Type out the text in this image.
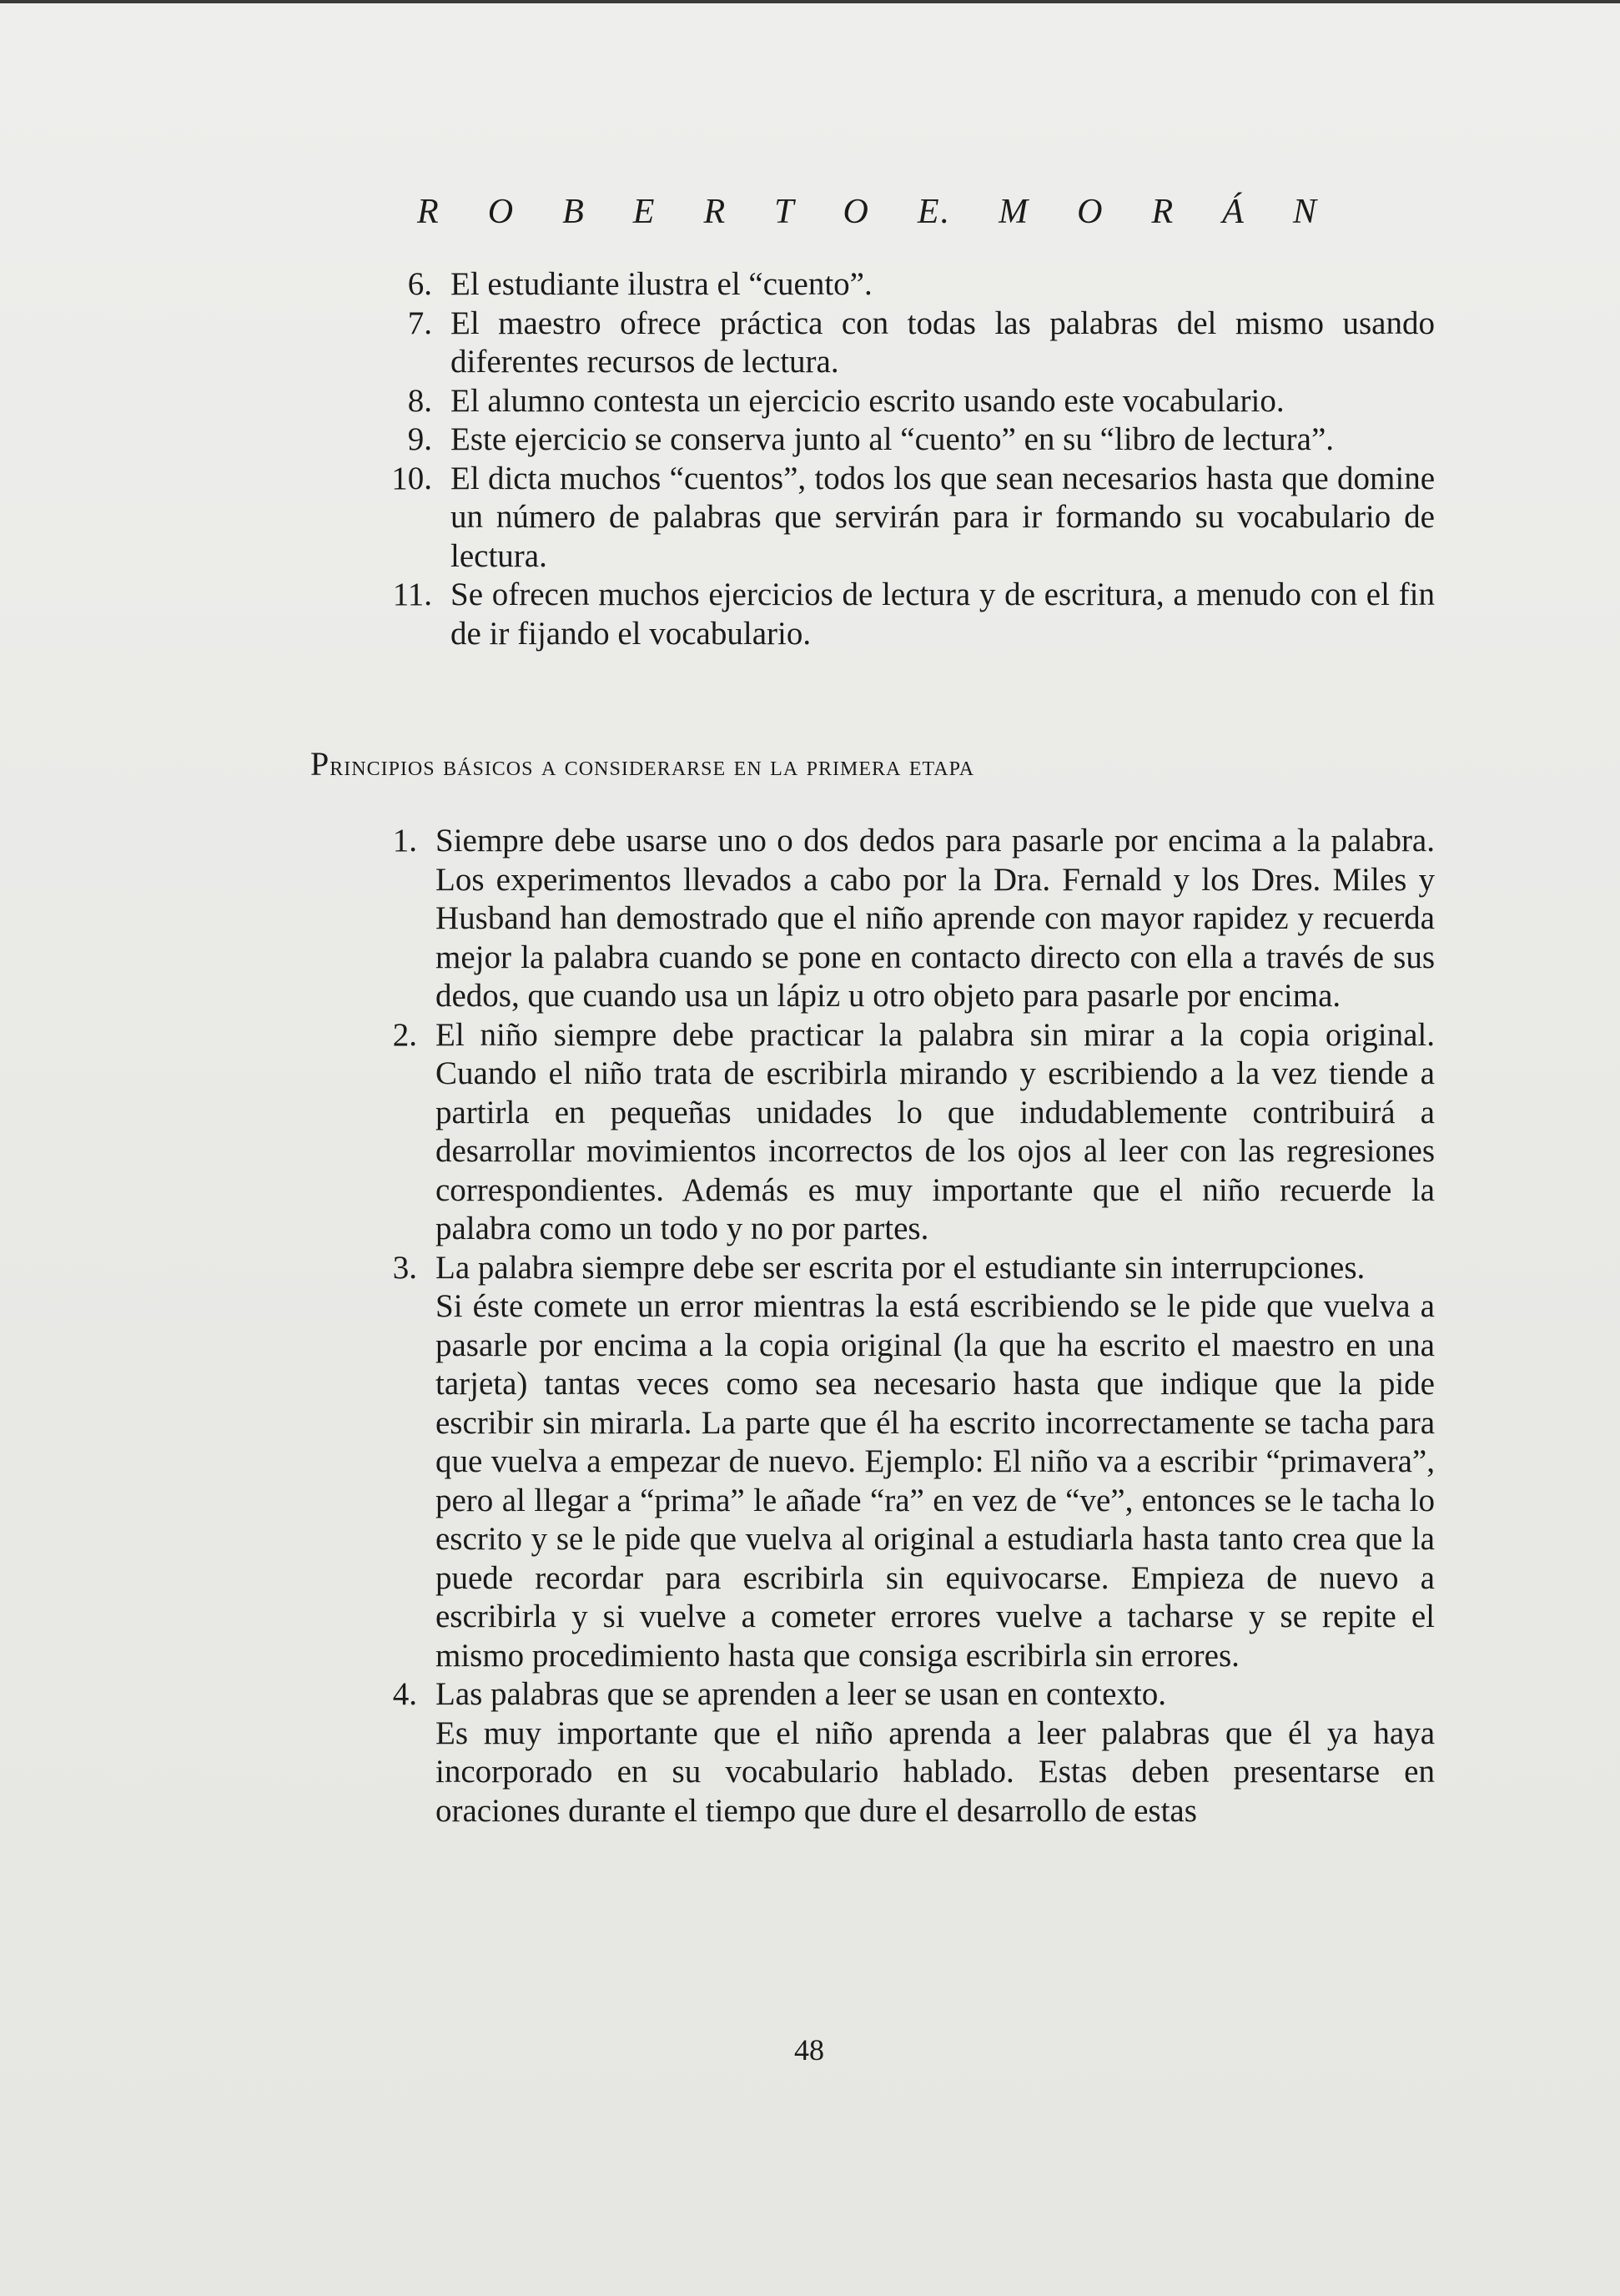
R O B E R T O E. M O R Á N
6. El estudiante ilustra el “cuento”.
7. El maestro ofrece práctica con todas las palabras del mismo usando diferentes recursos de lectura.
8. El alumno contesta un ejercicio escrito usando este vocabulario.
9. Este ejercicio se conserva junto al “cuento” en su “libro de lectura”.
10. El dicta muchos “cuentos”, todos los que sean necesarios hasta que domine un número de palabras que servirán para ir formando su vocabulario de lectura.
11. Se ofrecen muchos ejercicios de lectura y de escritura, a menudo con el fin de ir fijando el vocabulario.
Principios básicos a considerarse en la primera etapa
1. Siempre debe usarse uno o dos dedos para pasarle por encima a la palabra. Los experimentos llevados a cabo por la Dra. Fernald y los Dres. Miles y Husband han demostrado que el niño aprende con mayor rapidez y recuerda mejor la palabra cuando se pone en contacto directo con ella a través de sus dedos, que cuando usa un lápiz u otro objeto para pasarle por encima.

2. El niño siempre debe practicar la palabra sin mirar a la copia original. Cuando el niño trata de escribirla mirando y escribiendo a la vez tiende a partirla en pequeñas unidades lo que indudablemente contribuirá a desarrollar movimientos incorrectos de los ojos al leer con las regresiones correspondientes. Además es muy importante que el niño recuerde la palabra como un todo y no por partes.

3. La palabra siempre debe ser escrita por el estudiante sin interrupciones.

Si éste comete un error mientras la está escribiendo se le pide que vuelva a pasarle por encima a la copia original (la que ha escrito el maestro en una tarjeta) tantas veces como sea necesario hasta que indique que la pide escribir sin mirarla. La parte que él ha escrito incorrectamente se tacha para que vuelva a empezar de nuevo. Ejemplo: El niño va a escribir “primavera”, pero al llegar a “prima” le añade “ra” en vez de “ve”, entonces se le tacha lo escrito y se le pide que vuelva al original a estudiarla hasta tanto crea que la puede recordar para escribirla sin equivocarse. Empieza de nuevo a escribirla y si vuelve a cometer errores vuelve a tacharse y se repite el mismo procedimiento hasta que consiga escribirla sin errores.

4. Las palabras que se aprenden a leer se usan en contexto.

Es muy importante que el niño aprenda a leer palabras que él ya haya incorporado en su vocabulario hablado. Estas deben presentarse en oraciones durante el tiempo que dure el desarrollo de estas

48
